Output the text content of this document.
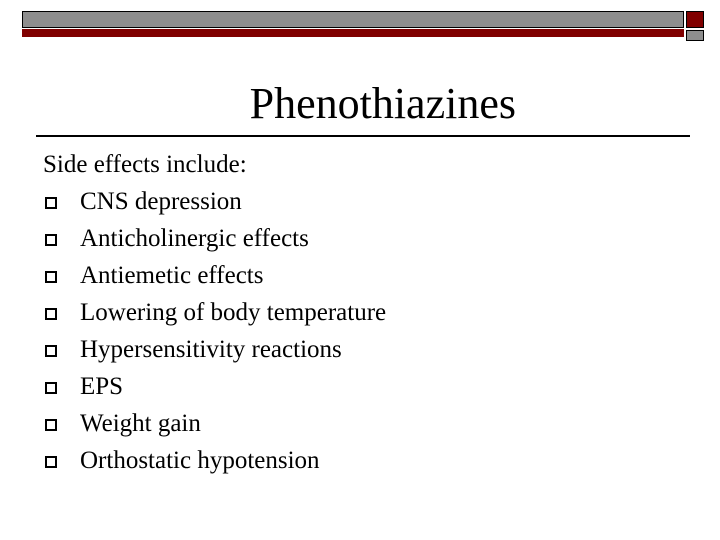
Phenothiazines

Side effects include:

CNS depression
Anticholinergic effects
Antiemetic effects
Lowering of body temperature
Hypersensitivity reactions
EPS
Weight gain
Orthostatic hypotension
